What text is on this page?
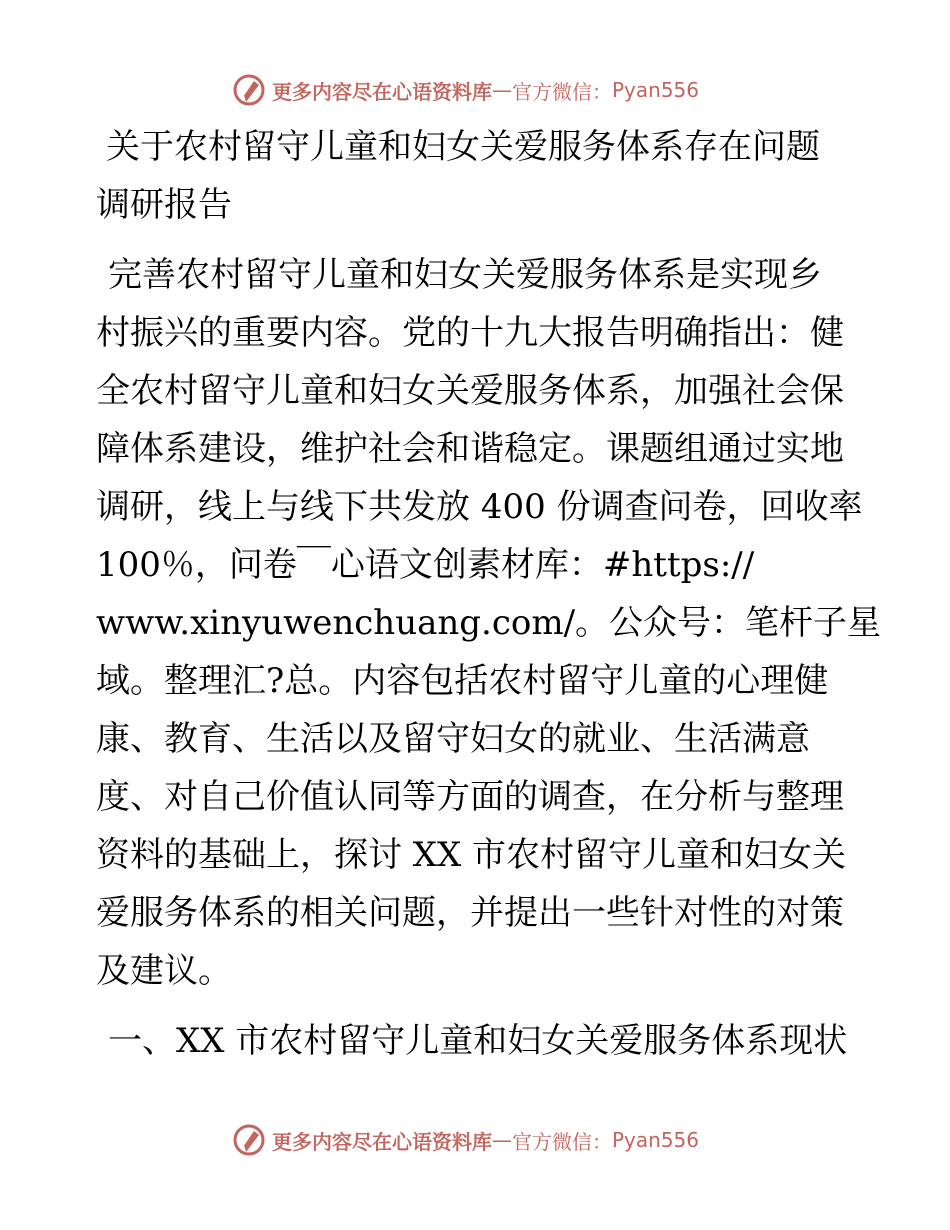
更多内容尽在心语资料库 — 官方微信： Pyan556
关于农村留守儿童和妇女关爱服务体系存在问题
调研报告
完善农村留守儿童和妇女关爱服务体系是实现乡
村振兴的重要内容。党的十九大报告明确指出：健
全农村留守儿童和妇女关爱服务体系，加强社会保
障体系建设，维护社会和谐稳定。课题组通过实地
调研，线上与线下共发放 400 份调查问卷，回收率
100％，问卷￣心语文创素材库：#https://
www.xinyuwenchuang.com/。公众号：笔杆子星
域。整理汇?总。内容包括农村留守儿童的心理健
康、教育、生活以及留守妇女的就业、生活满意
度、对自己价值认同等方面的调查，在分析与整理
资料的基础上，探讨 XX 市农村留守儿童和妇女关
爱服务体系的相关问题，并提出一些针对性的对策
及建议。
一、XX 市农村留守儿童和妇女关爱服务体系现状
更多内容尽在心语资料库 — 官方微信： Pyan556
